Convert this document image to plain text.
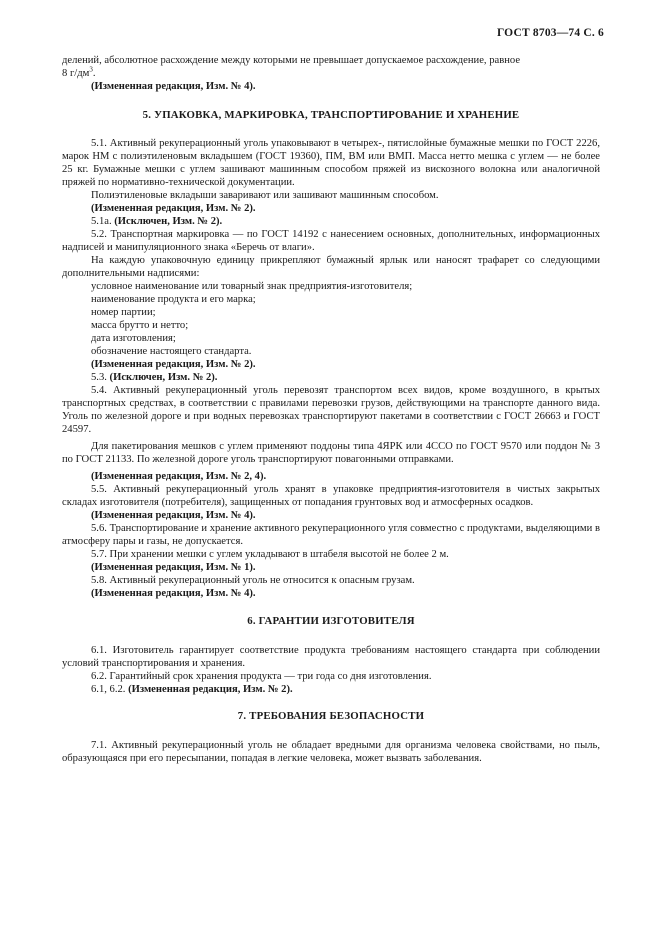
ГОСТ 8703—74 С. 6

делений, абсолютное расхождение между которыми не превышает допускаемое расхождение, равное

8 $г/дм^3$.

(Измененная редакция, Изм. № 4).

5. УПАКОВКА, МАРКИРОВКА, ТРАНСПОРТИРОВАНИЕ И ХРАНЕНИЕ

5.1. Активный рекуперационный уголь упаковывают в четырех-, пятислойные бумажные мешки по ГОСТ 2226, марок НМ с полиэтиленовым вкладышем (ГОСТ 19360), ПМ, ВМ или ВМП. Масса нетто мешка с углем — не более 25 кг. Бумажные мешки с углем зашивают машинным способом пряжей из вискозного волокна или аналогичной пряжей по нормативно-технической документации.

Полиэтиленовые вкладыши заваривают или зашивают машинным способом.

(Измененная редакция, Изм. № 2).

5.1а. (Исключен, Изм. № 2).

5.2. Транспортная маркировка — по ГОСТ 14192 с нанесением основных, дополнительных, информационных надписей и манипуляционного знака «Беречь от влаги».

На каждую упаковочную единицу прикрепляют бумажный ярлык или наносят трафарет со следующими дополнительными надписями:

условное наименование или товарный знак предприятия-изготовителя;

наименование продукта и его марка;

номер партии;

масса брутто и нетто;

дата изготовления;

обозначение настоящего стандарта.

(Измененная редакция, Изм. № 2).

5.3. (Исключен, Изм. № 2).

5.4. Активный рекуперационный уголь перевозят транспортом всех видов, кроме воздушного, в крытых транспортных средствах, в соответствии с правилами перевозки грузов, действующими на транспорте данного вида. Уголь по железной дороге и при водных перевозках транспортируют пакетами в соответствии с ГОСТ 26663 и ГОСТ 24597.

Для пакетирования мешков с углем применяют поддоны типа 4ЯРК или 4ССО по ГОСТ 9570 или поддон № 3 по ГОСТ 21133. По железной дороге уголь транспортируют повагонными отправками.

(Измененная редакция, Изм. № 2, 4).

5.5. Активный рекуперационный уголь хранят в упаковке предприятия-изготовителя в чистых закрытых складах изготовителя (потребителя), защищенных от попадания грунтовых вод и атмосферных осадков.

(Измененная редакция, Изм. № 4).

5.6. Транспортирование и хранение активного рекуперационного угля совместно с продуктами, выделяющими в атмосферу пары и газы, не допускается.

5.7. При хранении мешки с углем укладывают в штабеля высотой не более 2 м.

(Измененная редакция, Изм. № 1).

5.8. Активный рекуперационный уголь не относится к опасным грузам.

(Измененная редакция, Изм. № 4).

6. ГАРАНТИИ ИЗГОТОВИТЕЛЯ

6.1. Изготовитель гарантирует соответствие продукта требованиям настоящего стандарта при соблюдении условий транспортирования и хранения.

6.2. Гарантийный срок хранения продукта — три года со дня изготовления.

6.1, 6.2. (Измененная редакция, Изм. № 2).

7. ТРЕБОВАНИЯ БЕЗОПАСНОСТИ

7.1. Активный рекуперационный уголь не обладает вредными для организма человека свойствами, но пыль, образующаяся при его пересыпании, попадая в легкие человека, может вызвать заболевания.
